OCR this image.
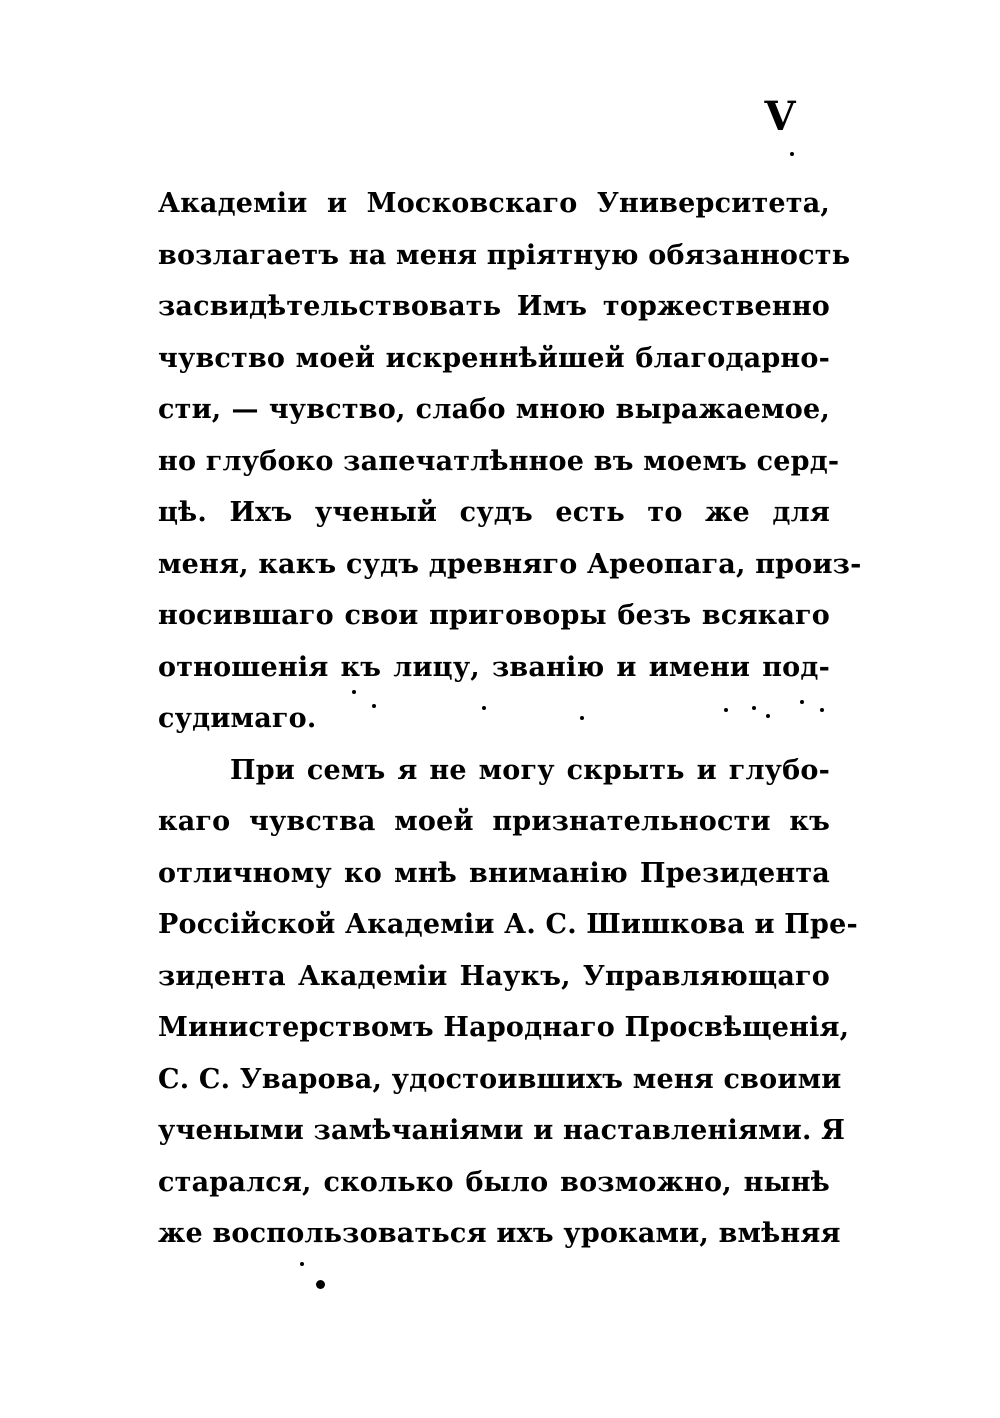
V
Академіи и Московскаго Университета,
возлагаетъ на меня пріятную обязанность
засвидѣтельствовать Имъ торжественно
чувство моей искреннѣйшей благодарно-
сти, — чувство, слабо мною выражаемое,
но глубоко запечатлѣнное въ моемъ серд-
цѣ. Ихъ ученый судъ есть то же для
меня, какъ судъ древняго Ареопага, произ-
носившаго свои приговоры безъ всякаго
отношенія къ лицу, званію и имени под-
судимаго.
При семъ я не могу скрыть и глубо-
каго чувства моей признательности къ
отличному ко мнѣ вниманію Президента
Россійской Академіи А. С. Шишкова и Пре-
зидента Академіи Наукъ, Управляющаго
Министерствомъ Народнаго Просвѣщенія,
С. С. Уварова, удостоившихъ меня своими
учеными замѣчаніями и наставленіями. Я
старался, сколько было возможно, нынѣ
же воспользоваться ихъ уроками, вмѣняя
